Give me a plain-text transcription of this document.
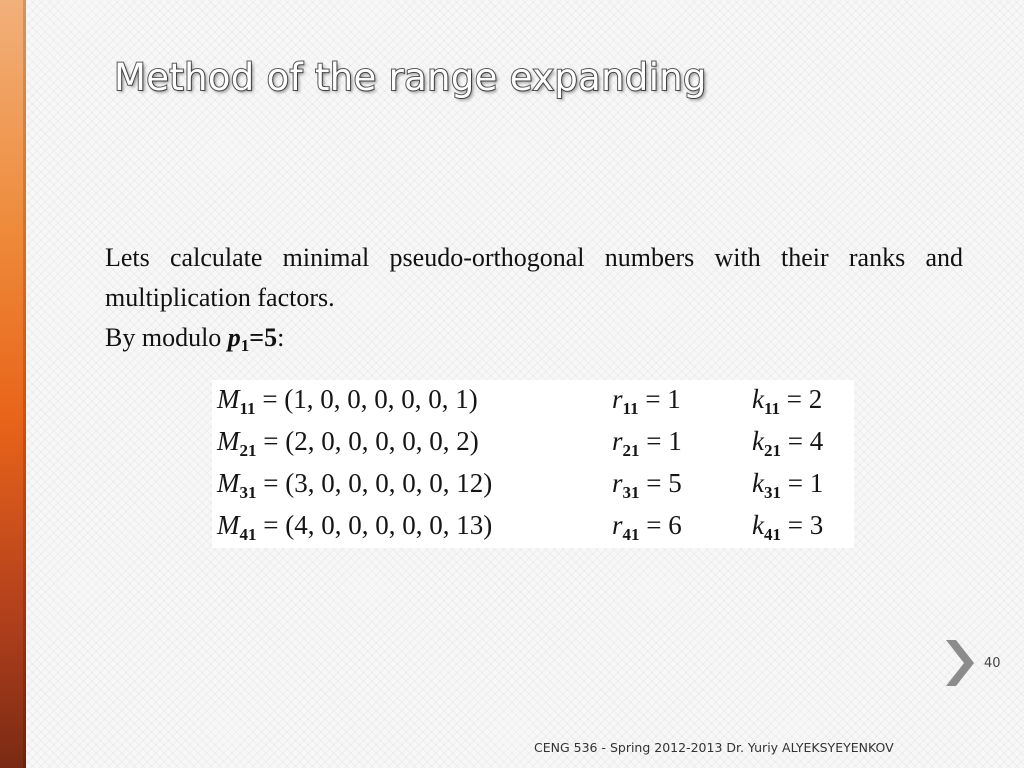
Method of the range expanding

Lets calculate minimal pseudo-orthogonal numbers with their ranks and multiplication factors.

By modulo $p_1=5$:

$M_{11} = (1$, 0, 0, 0, 0, 0, 1)	$r_{11} = 1$	$k_{11} = 2$
$M_{21} = (2$, 0, 0, 0, 0, 0, 2)	$r_{21} = 1$	$k_{21} = 4$
$M_{31} = (3$, 0, 0, 0, 0, 0, 12)	$r_{31} = 5$	$k_{31} = 1$
$M_{41} = (4$, 0, 0, 0, 0, 0, 13)	$r_{41} = 6$	$k_{41} = 3$
40
CENG 536 - Spring 2012-2013 Dr. Yuriy ALYEKSYEYENKOV
